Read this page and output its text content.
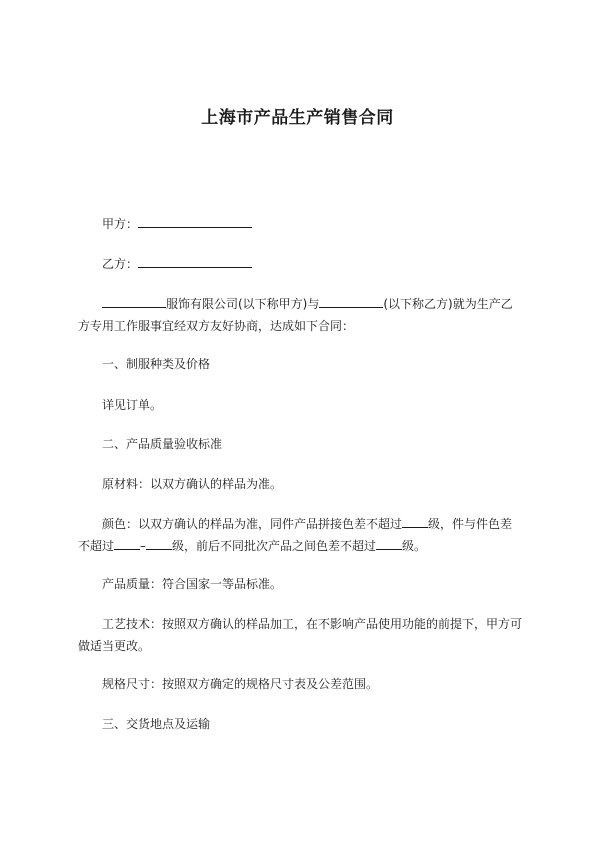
上海市产品生产销售合同

甲方：

乙方：

服饰有限公司(以下称甲方)与	(以下称乙方)就为生产乙
方专用工作服事宜经双方友好协商，达成如下合同：

一、制服种类及价格

详见订单。

二、产品质量验收标准

原材料：以双方确认的样品为准。

颜色：以双方确认的样品为准，同件产品拼接色差不超过 级，件与件色差
不超过 – 级，前后不同批次产品之间色差不超过 级。

产品质量：符合国家一等品标准。

工艺技术：按照双方确认的样品加工，在不影响产品使用功能的前提下，甲方可
做适当更改。

规格尺寸：按照双方确定的规格尺寸表及公差范围。

三、交货地点及运输
